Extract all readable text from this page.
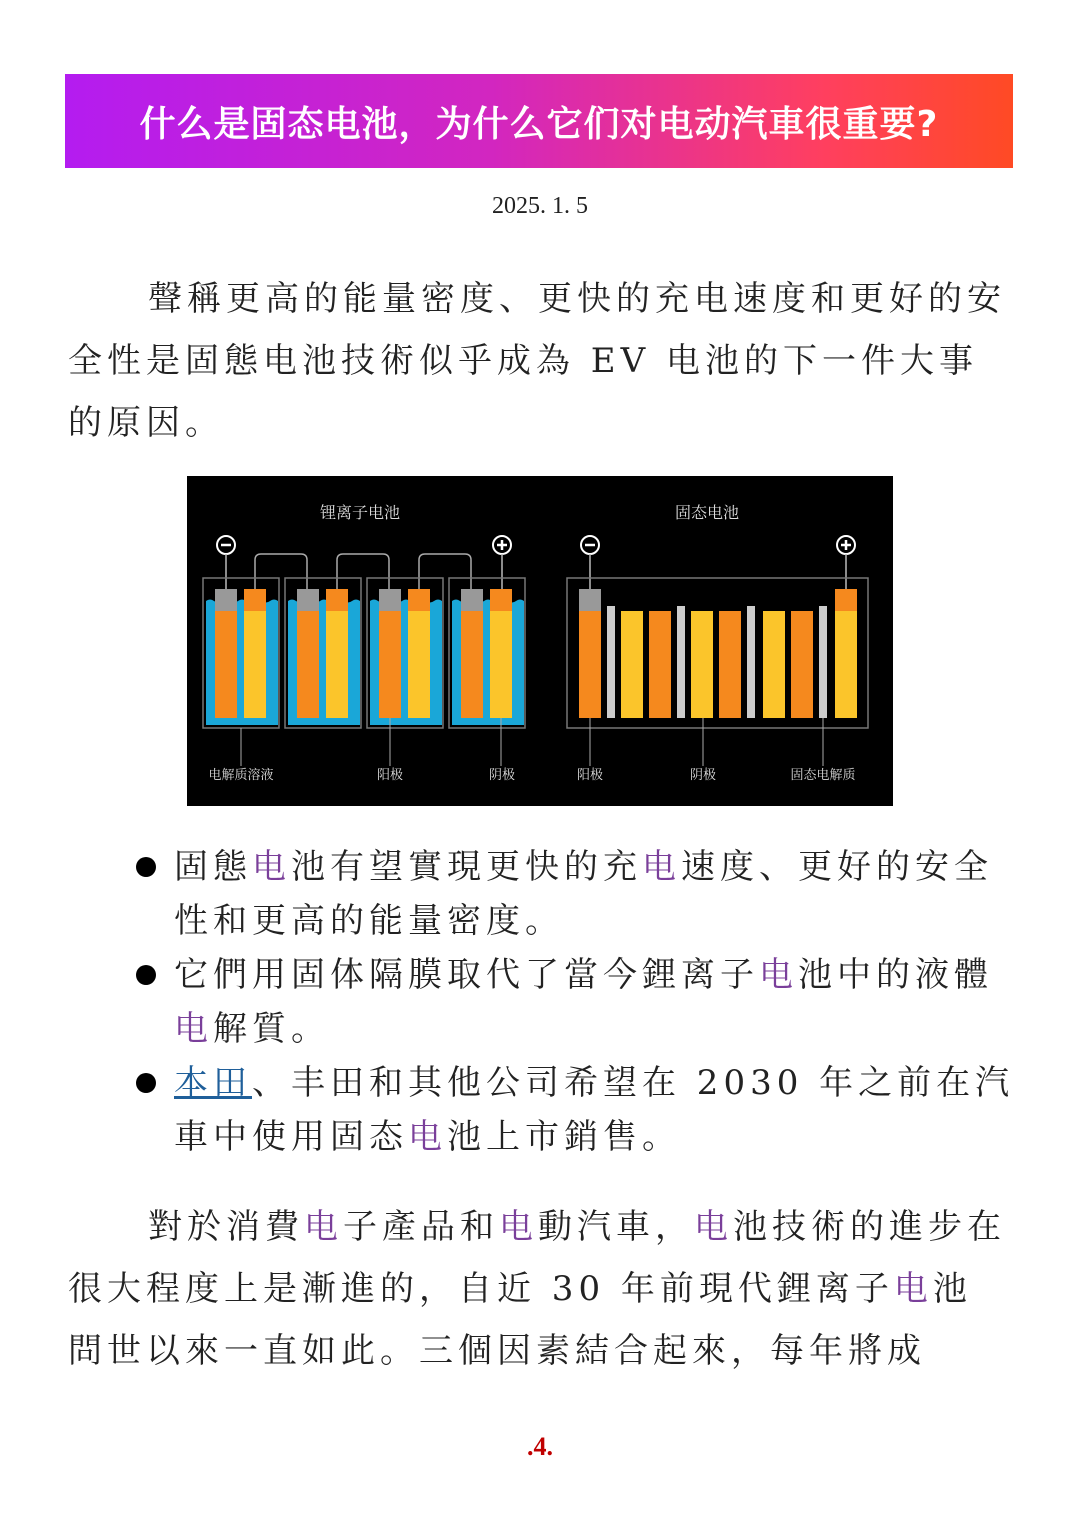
什么是固态电池，为什么它们对电动汽車很重要?
2025. 1. 5
聲稱更高的能量密度、更快的充电速度和更好的安全性是固態电池技術似乎成為 EV 电池的下一件大事的原因。
锂离子电池	固态电池
电解质溶液	阳极	阴极	阳极	阴极	固态电解质
固態电池有望實現更快的充电速度、更好的安全性和更高的能量密度。
它們用固体隔膜取代了當今鋰离子电池中的液體电解質。
本田、丰田和其他公司希望在 2030 年之前在汽車中使用固态电池上市銷售。
對於消費电子產品和电動汽車，电池技術的進步在很大程度上是漸進的，自近 30 年前現代鋰离子电池問世以來一直如此。三個因素結合起來，每年將成
.4.
